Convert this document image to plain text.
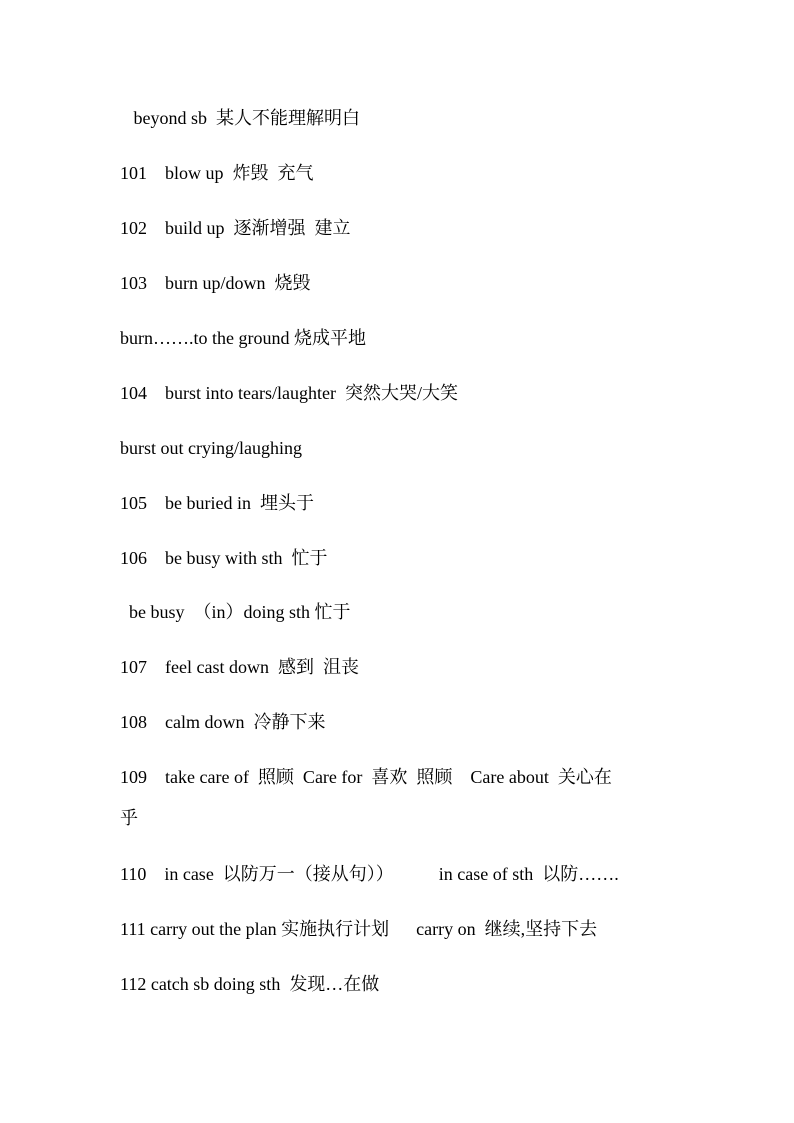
beyond sb  某人不能理解明白
101    blow up  炸毁  充气
102    build up  逐渐增强  建立
103    burn up/down  烧毁
burn…….to the ground 烧成平地
104    burst into tears/laughter  突然大哭/大笑
burst out crying/laughing
105    be buried in  埋头于
106    be busy with sth  忙于
be busy  （in）doing sth 忙于
107    feel cast down  感到  沮丧
108    calm down  冷静下来
109    take care of  照顾  Care for  喜欢  照顾    Care about  关心在
乎
110    in case  以防万一（接从句））          in case of sth  以防…….
111 carry out the plan 实施执行计划      carry on  继续,坚持下去
112 catch sb doing sth  发现…在做
